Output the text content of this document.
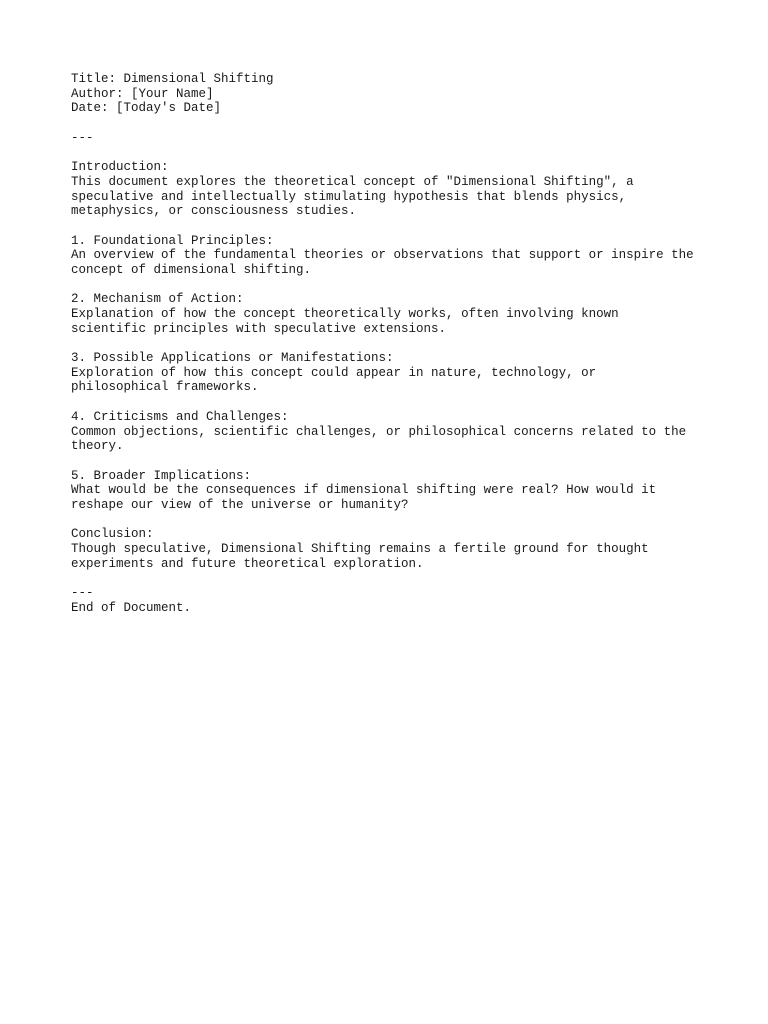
Title: Dimensional Shifting
Author: [Your Name]
Date: [Today's Date]
---
Introduction:
This document explores the theoretical concept of "Dimensional Shifting", a
speculative and intellectually stimulating hypothesis that blends physics,
metaphysics, or consciousness studies.
1. Foundational Principles:
An overview of the fundamental theories or observations that support or inspire the
concept of dimensional shifting.
2. Mechanism of Action:
Explanation of how the concept theoretically works, often involving known
scientific principles with speculative extensions.
3. Possible Applications or Manifestations:
Exploration of how this concept could appear in nature, technology, or
philosophical frameworks.
4. Criticisms and Challenges:
Common objections, scientific challenges, or philosophical concerns related to the
theory.
5. Broader Implications:
What would be the consequences if dimensional shifting were real? How would it
reshape our view of the universe or humanity?
Conclusion:
Though speculative, Dimensional Shifting remains a fertile ground for thought
experiments and future theoretical exploration.
---
End of Document.
